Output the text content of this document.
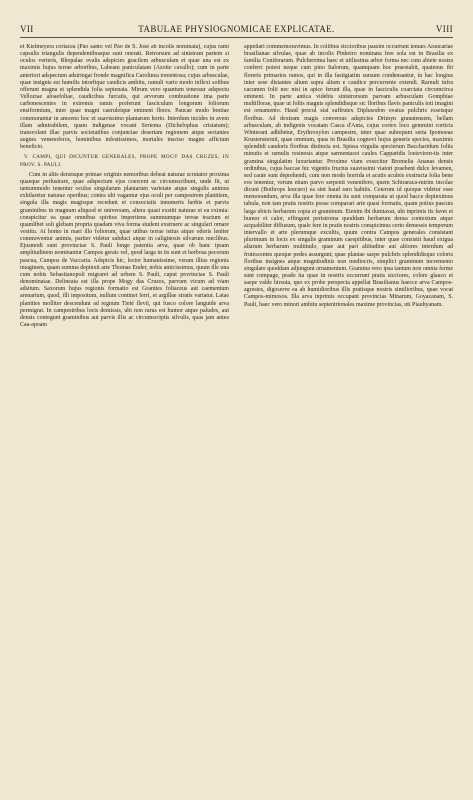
VII	TABULAE PHYSIOGNOMICAE EXPLICATAE.	VIII

et Kielmeyera coriacea (Páo santo vel Páo de S. José ab incolis nominata), cujus rami capsulis triangulis dependentibusque sunt onerati. Retrorsum ad sinistram partem si oculos verteris, Rhopalae ovalis adspicies gracilem arbusculam et quae una est ex maximis hujus terrae arboribus, Labeam paniculatam (Azoite cavallo); cum in parte anteriori adspectum adstringat fronde magnifica Carolinea tomentosa; cujus arbusculae, quae insignis est humilis intorfique caudicis ambitu, ramuli vario modo inflexi solibus offerunt magna et splendida folia septenata. Mirum vero quantum teneraur adspectu Velloziae aloaefoliae, caudicibus furcatis, qui arvorum combustione ima parte carbonescentes in extremis ramis proferunt fasciculum longorum foliorum ensiformium, inter quae magni caeruleique eminent flores. Paucae modo bestiae commorantur in amoeno hoc et suavissimo plantarum horto. Interdum incides in avem illam admirabilem, quam indigenae vocant Seriema (Dichelophus cristatum); transvolant illac parvis societatibus conjunctae desertam regionem atque sectantes augnes venenoferos, hominibus infestissimos, mortales insciso magno afficiunt beneficio.

V. CAMPI, QUI DICUNTUR GENERALES, PROPE MOGY DAS CRUZES, IN PROV. S. PAULI.

Cum in altis densisque primae originis nemoribus debeat naturae scrutator proxima quaeque perlustrare, quae adspectum ejus coercent ac circumscribunt, unde fit, ut tantummodo tenentur oculus singularum plantarum varietate atque singulis animus exhilaretur naturae operibus; contra ubi vagantur ejus oculi per campestrem planitiem, singula illa magis magisque recedunt et consociatis innumeris herbis et parvis graminibus in magnum aliquod et universum, altera quasi exstiti naturae et ea eximia: conspicitur ea quae omnibus spiritus imperitens summumque terrae tractum et quamlibet soli glebam propria quadam viva forma student exstruere ac singulari ornare vestitu. At homo in mari illo foliorum, quae utibus terrae istius atque odoris leniter commoventur animis, pariter videtur subduci atque in caliginosis silvarum meclibus. Ejusmodi sunt provinciae S. Pauli longe patentia arva, quae ob hanc ipsam amplitudinem nominantur Campos gerais vel, quod larga in iis sunt et herbosa pecorum pascua, Campos de Vaccaria. Adspicis hic, lector humanissime, veram illius regionis imaginem, quam summa depinxit arte Thomas Ender, nobis amicissimus, quum ille una cum nobis Sebastianopoli migraret ad urbem S. Pauli, caput provinciae S. Pauli denominatae. Delineata est illa prope Mogy das Cruzes, parvum vicum ad viam adsitum. Saxorum hujus regionis formatio est Granites foliaceus aut caementum arenarium, quod, illi impositum, nullum continet ferri, et argillae stratis variatur. Latae planities molliter descendunt ad regnum Tieté flevii, qui fusco colore languide arva permigrat. In campestribus locis demissis, ubi non rarus est humor atque paludes, aut densis contegunt graminibus aut parvis illis ac circumscriptis silvulis, quas jam antea Caa-apoam

appellari commemoravimus. In collibus siccioribus passim occurrunt tenues Araucariae brasilianae silvulae, quae ab incolis Pinheiro nominata fere sola est in Brasilia ex familia Coniferarum. Pulcherrima haec et utilissima arbor forma nec cum abiete nostra conferri potest neque cum pino Italorum, quamquam hoc praestabit, quatenus ibi floreris primarios ramos, qui in illa fastigiatim sursum condensantur, in hac longius inter sese distantes alium supra alium e caudice percurrente extendi. Rarnuli infra cacumen folii nec nisi in apice ferunt illa, quae in fasciculis coarctata circumcirca eminent. In parte antica videbis sinistrorsum parvam arbusculam Gomphiae multiflorae, quae ut foliis magnis splendidisque sic floribus flavis paniculis toti imagini est ornamento. Haud procul stat suffrutex Diplusodon ovatus pulchris roseisque floribus. Ad dextram magis conversus adspicies Drimyn granatensem, bellam arbusculam, ab indigenis vocatam Casca d'Anta, cujus cortex loco gemmini corticis Winterani adhibetur, Erythroxylon campestre, inter quae subrepunt serta Ipomoeae Krustensternii, quae omnium, quas in Brasilia cognovi hujus generis species, maximis splendidi candoris floribus distincta est. Spissa virgulta specierum Baccharidum foliis minutis et ramulis resinosis atque sarmentacei caules Capparidis loeteviren-tis inter gramina singulatim luxuriantur. Proxime viam exsecitur Bromelia Ananas densis ordinibus, cujus baccae hic vigentis fructus suavissimi viatori praebent dulce levamen, sed caute sunt deprehendi, cum non modo horrida et acutis aculeis exstructa folia bene eos tenentur, verum etiam parvo serpenti venenifero, quem Schiraraca-mirim incolae dicunt (Bothrops leucuro) ea sint haud raro habitis. Ceterum id quoque videtur esse memorandum, arva illa quae fere omnia iis sunt comparata ut quod hacce depinximus tabula, non tam pratis nostris posse comparari arte quasi formatis, quam potius pascuis larga ubicis herbarum copia et graminum. Etenim ibi dumtaxat, ubi inprimis iis favet et humor et calor, effingunt peristroma quoddam herbarum densa contextum atque acquabiliter diffusum, quale fere in pratis nostris conspicimus certo demessis temporum intervallo et arte plerumque excultis, quum contra Campos generales consistant plurimum in locis ex singulis graminum caespitibus, inter quae consistit haud exigua aliarum herbarum multitudo, quae aut pari altitudine aut altiores interdum ad frutescentes quoque pedes assurgunt; quae plantae saepe pulchris splendidisque coloris floribus insignes atque magnitudinis non mediocris, simplici graminum incremento singulare quoddam adjungunt ornamentum. Gramina vero ipsa tantum non omnia ferme sunt compage, prado ita quae in nostris occurrunt pratis sicciores, colore glauco et saepe valde hirsuta, quo ex probe perspecta appellat Brasilianus haecce arva Campos-agrestes, digoserve ea ab humidioribus illis pratisque nostris similioribus, quae vocat Campos-mimosos. Illa arva inprimis occupant provincias Minarum, Goyazanam, S. Pauli, haec vero minori ambitu septentrionales maxime provincias, uti Piauhyanam.
